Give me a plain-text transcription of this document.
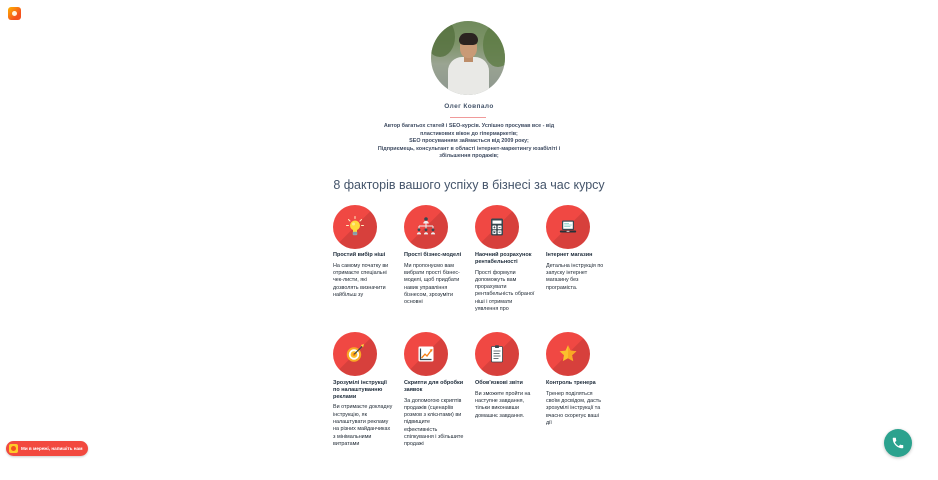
Олег Ковпало
Автор багатьох статей і SEO-курсів. Успішно просував все - від
пластикових вікон до гіпермаркетів;
SEO просуванням займається від 2009 року;
Підприємець, консультант в області інтернет-маркетингу юзабіліті і
збільшення продажів;
8 факторів вашого успіху в бізнесі за час курсу

Простий вибір ніші

На самому початку ви отримаєте спеціальні чек-листи, які дозволять визначити найбільш зу

Прості бізнес-моделі

Ми пропонуємо вам вибрати прості бізнес-моделі, щоб придбати навик управління бізнесом, зрозуміти основні

Наочний розрахунок рентабельності

Прості формули допоможуть вам прорахувати рентабельність обраної ніші і отримати уявлення про

Інтернет магазин

Детальна інструкція по запуску інтернет магазину без програміста.

Зрозумілі інструкції по налаштуванню реклами

Ви отримаєте докладну інструкцію, як налаштувати рекламу на різних майданчиках з мінімальними витратами

Скрипти для обробки заявок

За допомогою скриптів продажів (сценаріїв розмов з клієнтами) ви підвищите ефективність спілкування і збільшите продажі

Обов'язкові звіти

Ви зможете пройти на наступне завдання, тільки виконавши домашнє завдання.

Контроль тренера

Тренер поділяться своїм досвідом, дасть зрозумілі інструкції та вчасно скорегує ваші дії

Ми в мережі, напишіть нам
